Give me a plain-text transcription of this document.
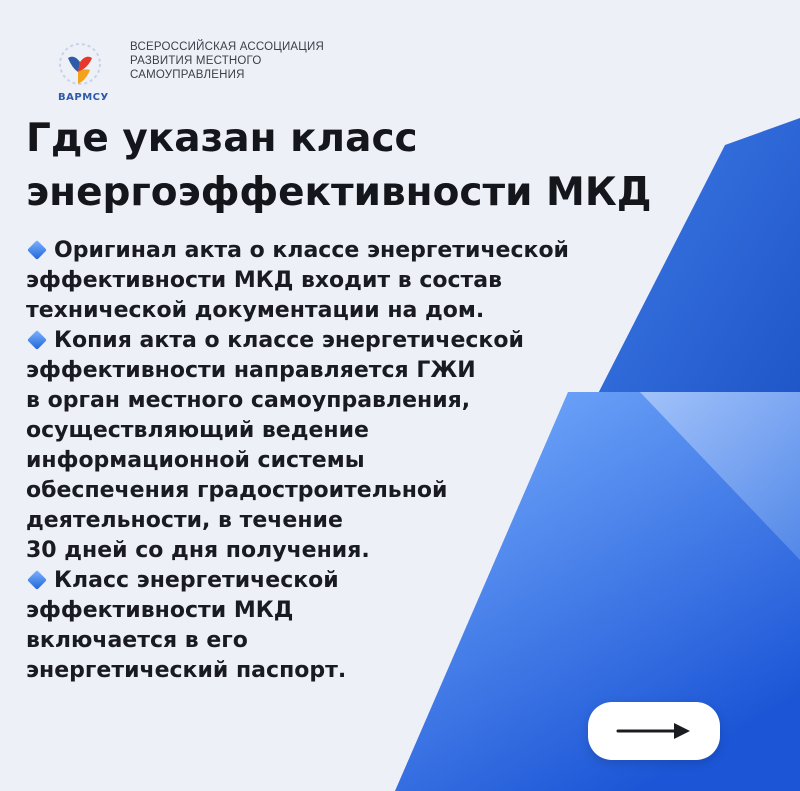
ВАРМСУ
ВСЕРОССИЙСКАЯ АССОЦИАЦИЯ
РАЗВИТИЯ МЕСТНОГО
САМОУПРАВЛЕНИЯ
Где указан класс
энергоэффективности МКД
Оригинал акта о классе энергетической
эффективности МКД входит в состав
технической документации на дом.
Копия акта о классе энергетической
эффективности направляется ГЖИ
в орган местного самоуправления,
осуществляющий ведение
информационной системы
обеспечения градостроительной
деятельности, в течение
30 дней со дня получения.
Класс энергетической
эффективности МКД
включается в его
энергетический паспорт.
